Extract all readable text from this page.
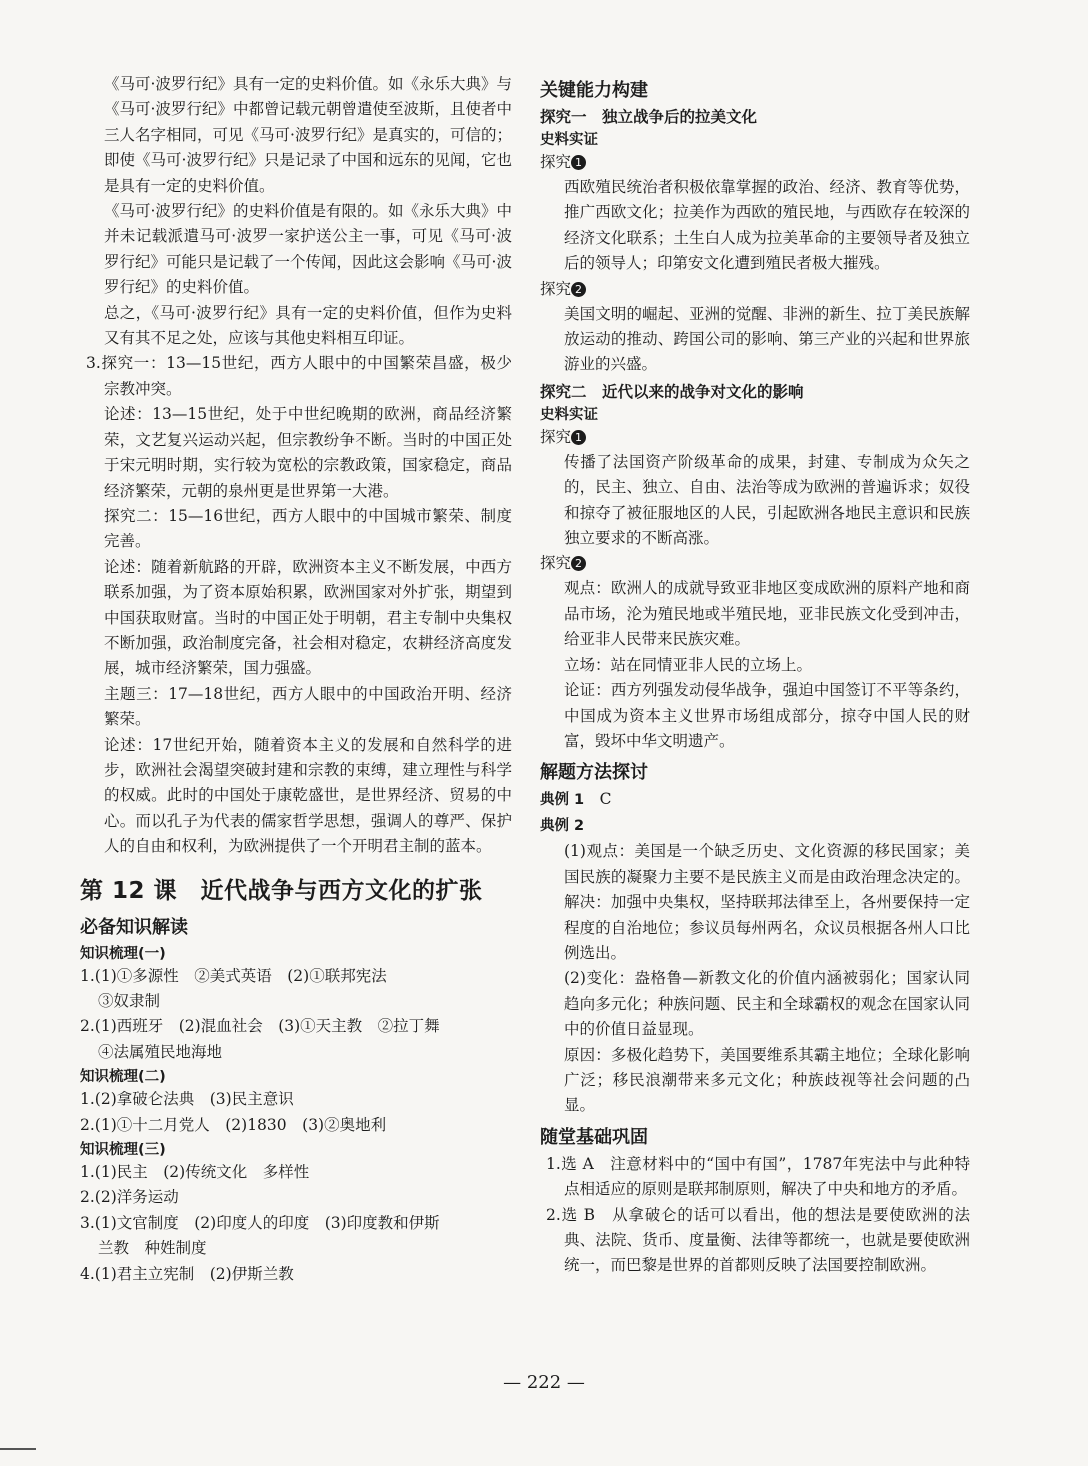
《马可·波罗行纪》具有一定的史料价值。如《永乐大典》与《马可·波罗行纪》中都曾记载元朝曾遣使至波斯，且使者中三人名字相同，可见《马可·波罗行纪》是真实的，可信的；即使《马可·波罗行纪》只是记录了中国和远东的见闻，它也是具有一定的史料价值。

《马可·波罗行纪》的史料价值是有限的。如《永乐大典》中并未记载派遣马可·波罗一家护送公主一事，可见《马可·波罗行纪》可能只是记载了一个传闻，因此这会影响《马可·波罗行纪》的史料价值。

总之，《马可·波罗行纪》具有一定的史料价值，但作为史料又有其不足之处，应该与其他史料相互印证。

3.探究一：13—15世纪，西方人眼中的中国繁荣昌盛，极少宗教冲突。

论述：13—15世纪，处于中世纪晚期的欧洲，商品经济繁荣，文艺复兴运动兴起，但宗教纷争不断。当时的中国正处于宋元明时期，实行较为宽松的宗教政策，国家稳定，商品经济繁荣，元朝的泉州更是世界第一大港。

探究二：15—16世纪，西方人眼中的中国城市繁荣、制度完善。

论述：随着新航路的开辟，欧洲资本主义不断发展，中西方联系加强，为了资本原始积累，欧洲国家对外扩张，期望到中国获取财富。当时的中国正处于明朝，君主专制中央集权不断加强，政治制度完备，社会相对稳定，农耕经济高度发展，城市经济繁荣，国力强盛。

主题三：17—18世纪，西方人眼中的中国政治开明、经济繁荣。

论述：17世纪开始，随着资本主义的发展和自然科学的进步，欧洲社会渴望突破封建和宗教的束缚，建立理性与科学的权威。此时的中国处于康乾盛世，是世界经济、贸易的中心。而以孔子为代表的儒家哲学思想，强调人的尊严、保护人的自由和权利，为欧洲提供了一个开明君主制的蓝本。

第 12 课　近代战争与西方文化的扩张
必备知识解读
知识梳理(一)

1.(1)①多源性　②美式英语　(2)①联邦宪法

③奴隶制

2.(1)西班牙　(2)混血社会　(3)①天主教　②拉丁舞

④法属殖民地海地

知识梳理(二)

1.(2)拿破仑法典　(3)民主意识

2.(1)①十二月党人　(2)1830　(3)②奥地利

知识梳理(三)

1.(1)民主　(2)传统文化　多样性

2.(2)洋务运动

3.(1)文官制度　(2)印度人的印度　(3)印度教和伊斯

兰教　种姓制度

4.(1)君主立宪制　(2)伊斯兰教

关键能力构建
探究一　独立战争后的拉美文化
史料实证

探究 1

西欧殖民统治者积极依靠掌握的政治、经济、教育等优势，推广西欧文化；拉美作为西欧的殖民地，与西欧存在较深的经济文化联系；土生白人成为拉美革命的主要领导者及独立后的领导人；印第安文化遭到殖民者极大摧残。

探究 2

美国文明的崛起、亚洲的觉醒、非洲的新生、拉丁美民族解放运动的推动、跨国公司的影响、第三产业的兴起和世界旅游业的兴盛。

探究二　近代以来的战争对文化的影响
史料实证

探究 1

传播了法国资产阶级革命的成果，封建、专制成为众矢之的，民主、独立、自由、法治等成为欧洲的普遍诉求；奴役和掠夺了被征服地区的人民，引起欧洲各地民主意识和民族独立要求的不断高涨。

探究 2

观点：欧洲人的成就导致亚非地区变成欧洲的原料产地和商品市场，沦为殖民地或半殖民地，亚非民族文化受到冲击，给亚非人民带来民族灾难。

立场：站在同情亚非人民的立场上。

论证：西方列强发动侵华战争，强迫中国签订不平等条约，中国成为资本主义世界市场组成部分，掠夺中国人民的财富，毁坏中华文明遗产。

解题方法探讨

典例 1　 C

典例 2

(1)观点：美国是一个缺乏历史、文化资源的移民国家；美国民族的凝聚力主要不是民族主义而是由政治理念决定的。解决：加强中央集权，坚持联邦法律至上，各州要保持一定程度的自治地位；参议员每州两名，众议员根据各州人口比例选出。

(2)变化：盎格鲁—新教文化的价值内涵被弱化；国家认同趋向多元化；种族问题、民主和全球霸权的观念在国家认同中的价值日益显现。

原因：多极化趋势下，美国要维系其霸主地位；全球化影响广泛；移民浪潮带来多元文化；种族歧视等社会问题的凸显。

随堂基础巩固

1.选 A　注意材料中的“国中有国”，1787年宪法中与此种特点相适应的原则是联邦制原则，解决了中央和地方的矛盾。

2.选 B　从拿破仑的话可以看出，他的想法是要使欧洲的法典、法院、货币、度量衡、法律等都统一，也就是要使欧洲统一，而巴黎是世界的首都则反映了法国要控制欧洲。

— 222 —
